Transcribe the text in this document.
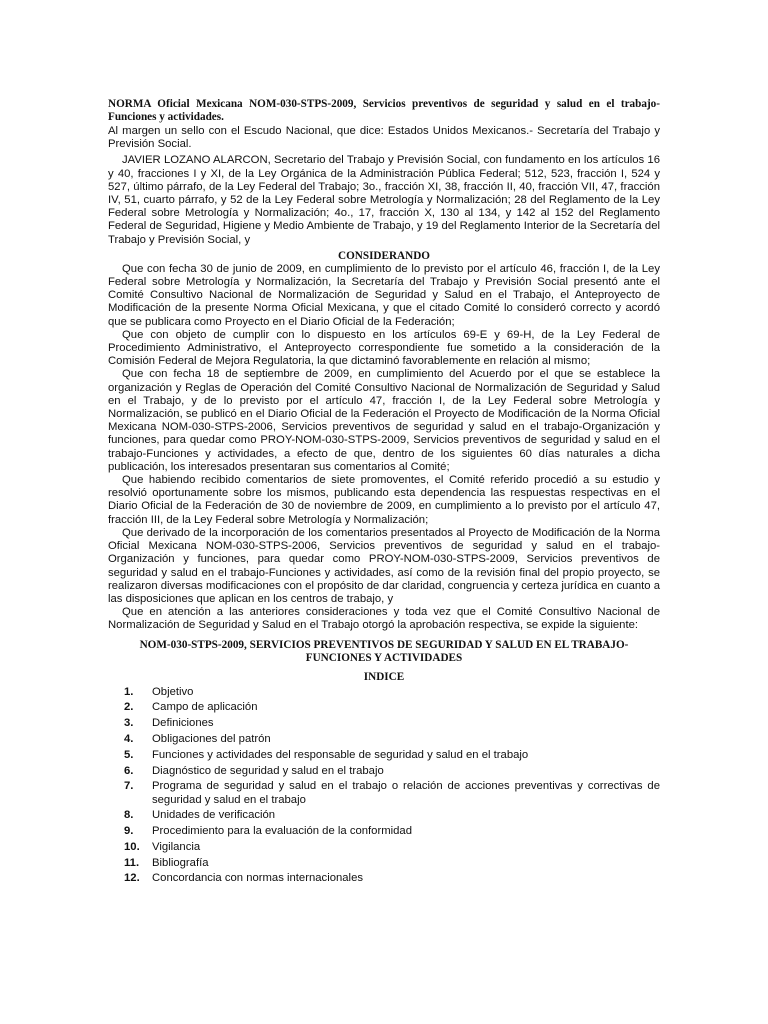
NORMA Oficial Mexicana NOM-030-STPS-2009, Servicios preventivos de seguridad y salud en el trabajo-Funciones y actividades.

Al margen un sello con el Escudo Nacional, que dice: Estados Unidos Mexicanos.- Secretaría del Trabajo y Previsión Social.

JAVIER LOZANO ALARCON, Secretario del Trabajo y Previsión Social, con fundamento en los artículos 16 y 40, fracciones I y XI, de la Ley Orgánica de la Administración Pública Federal; 512, 523, fracción I, 524 y 527, último párrafo, de la Ley Federal del Trabajo; 3o., fracción XI, 38, fracción II, 40, fracción VII, 47, fracción IV, 51, cuarto párrafo, y 52 de la Ley Federal sobre Metrología y Normalización; 28 del Reglamento de la Ley Federal sobre Metrología y Normalización; 4o., 17, fracción X, 130 al 134, y 142 al 152 del Reglamento Federal de Seguridad, Higiene y Medio Ambiente de Trabajo, y 19 del Reglamento Interior de la Secretaría del Trabajo y Previsión Social, y

CONSIDERANDO

Que con fecha 30 de junio de 2009, en cumplimiento de lo previsto por el artículo 46, fracción I, de la Ley Federal sobre Metrología y Normalización, la Secretaría del Trabajo y Previsión Social presentó ante el Comité Consultivo Nacional de Normalización de Seguridad y Salud en el Trabajo, el Anteproyecto de Modificación de la presente Norma Oficial Mexicana, y que el citado Comité lo consideró correcto y acordó que se publicara como Proyecto en el Diario Oficial de la Federación;

Que con objeto de cumplir con lo dispuesto en los artículos 69-E y 69-H, de la Ley Federal de Procedimiento Administrativo, el Anteproyecto correspondiente fue sometido a la consideración de la Comisión Federal de Mejora Regulatoria, la que dictaminó favorablemente en relación al mismo;

Que con fecha 18 de septiembre de 2009, en cumplimiento del Acuerdo por el que se establece la organización y Reglas de Operación del Comité Consultivo Nacional de Normalización de Seguridad y Salud en el Trabajo, y de lo previsto por el artículo 47, fracción I, de la Ley Federal sobre Metrología y Normalización, se publicó en el Diario Oficial de la Federación el Proyecto de Modificación de la Norma Oficial Mexicana NOM-030-STPS-2006, Servicios preventivos de seguridad y salud en el trabajo-Organización y funciones, para quedar como PROY-NOM-030-STPS-2009, Servicios preventivos de seguridad y salud en el trabajo-Funciones y actividades, a efecto de que, dentro de los siguientes 60 días naturales a dicha publicación, los interesados presentaran sus comentarios al Comité;

Que habiendo recibido comentarios de siete promoventes, el Comité referido procedió a su estudio y resolvió oportunamente sobre los mismos, publicando esta dependencia las respuestas respectivas en el Diario Oficial de la Federación de 30 de noviembre de 2009, en cumplimiento a lo previsto por el artículo 47, fracción III, de la Ley Federal sobre Metrología y Normalización;

Que derivado de la incorporación de los comentarios presentados al Proyecto de Modificación de la Norma Oficial Mexicana NOM-030-STPS-2006, Servicios preventivos de seguridad y salud en el trabajo-Organización y funciones, para quedar como PROY-NOM-030-STPS-2009, Servicios preventivos de seguridad y salud en el trabajo-Funciones y actividades, así como de la revisión final del propio proyecto, se realizaron diversas modificaciones con el propósito de dar claridad, congruencia y certeza jurídica en cuanto a las disposiciones que aplican en los centros de trabajo, y

Que en atención a las anteriores consideraciones y toda vez que el Comité Consultivo Nacional de Normalización de Seguridad y Salud en el Trabajo otorgó la aprobación respectiva, se expide la siguiente:

NOM-030-STPS-2009, SERVICIOS PREVENTIVOS DE SEGURIDAD Y SALUD EN EL TRABAJO-FUNCIONES Y ACTIVIDADES

INDICE

1.	Objetivo
2.	Campo de aplicación
3.	Definiciones
4.	Obligaciones del patrón
5.	Funciones y actividades del responsable de seguridad y salud en el trabajo
6.	Diagnóstico de seguridad y salud en el trabajo
7.	Programa de seguridad y salud en el trabajo o relación de acciones preventivas y correctivas de seguridad y salud en el trabajo
8.	Unidades de verificación
9.	Procedimiento para la evaluación de la conformidad
10.	Vigilancia
11.	Bibliografía
12.	Concordancia con normas internacionales
